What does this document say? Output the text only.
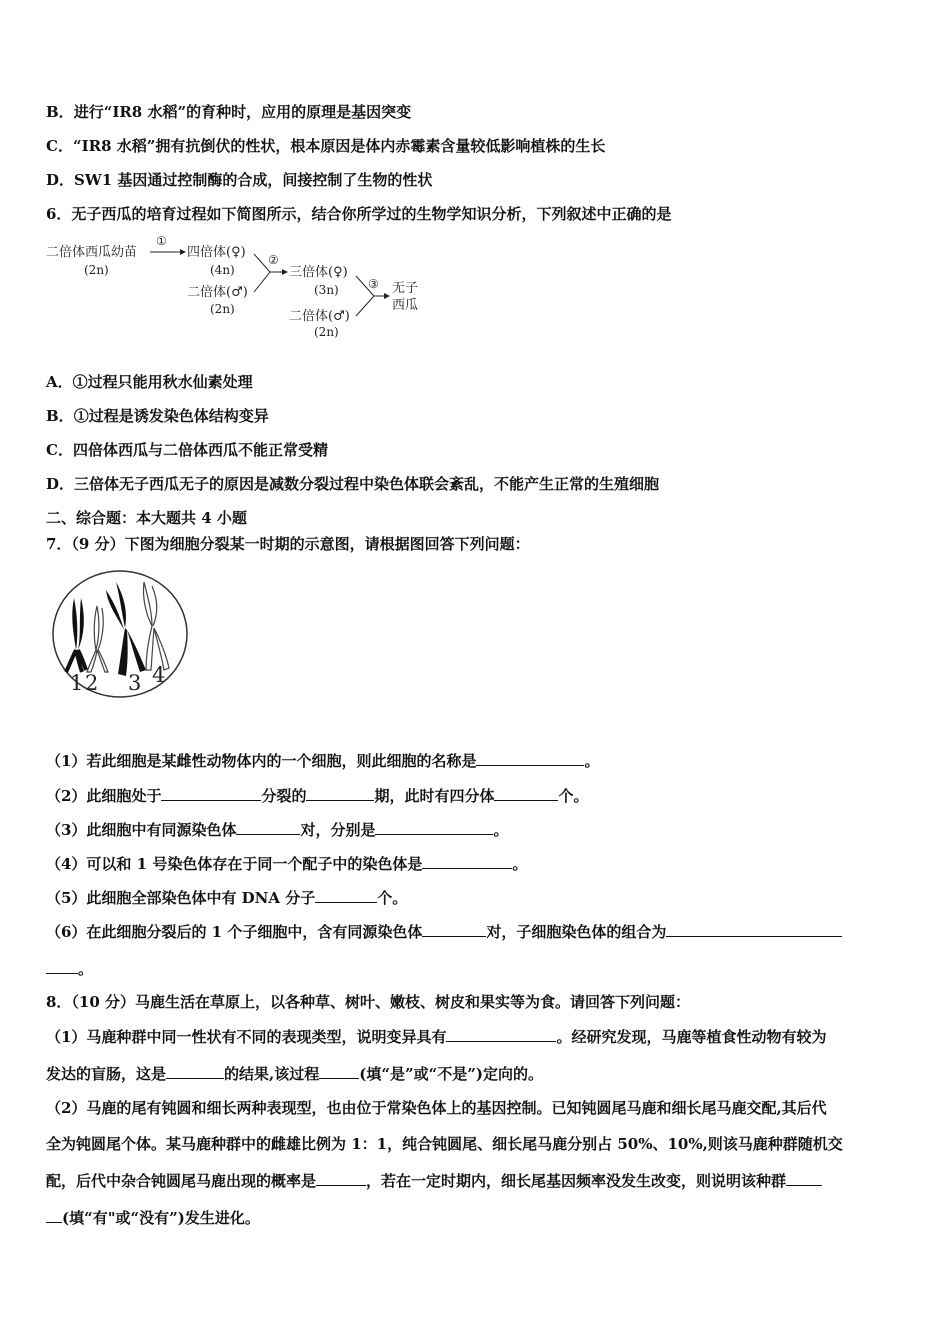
B．进行“IR8 水稻”的育种时，应用的原理是基因突变
C．“IR8 水稻”拥有抗倒伏的性状，根本原因是体内赤霉素含量较低影响植株的生长
D．SW1 基因通过控制酶的合成，间接控制了生物的性状
6．无子西瓜的培育过程如下简图所示，结合你所学过的生物学知识分析，下列叙述中正确的是
二倍体西瓜幼苗
(2n)
①
四倍体(♀)
(4n)
二倍体(♂)
(2n)
②
三倍体(♀)
(3n)
二倍体(♂)
(2n)
③ 无子
西瓜
A．①过程只能用秋水仙素处理
B．①过程是诱发染色体结构变异
C．四倍体西瓜与二倍体西瓜不能正常受精
D．三倍体无子西瓜无子的原因是减数分裂过程中染色体联会紊乱，不能产生正常的生殖细胞
二、综合题：本大题共 4 小题
7．（9 分）下图为细胞分裂某一时期的示意图，请根据图回答下列问题：
1 2 3 4
（1）若此细胞是某雌性动物体内的一个细胞，则此细胞的名称是	。
（2）此细胞处于	分裂的	期，此时有四分体	个。
（3）此细胞中有同源染色体	对，分别是	。
（4）可以和 1 号染色体存在于同一个配子中的染色体是	。
（5）此细胞全部染色体中有 DNA 分子	个。
（6）在此细胞分裂后的 1 个子细胞中，含有同源染色体	对，子细胞染色体的组合为
。
8．（10 分）马鹿生活在草原上，以各种草、树叶、嫩枝、树皮和果实等为食。请回答下列问题：
（1）马鹿种群中同一性状有不同的表现类型，说明变异具有	。经研究发现，马鹿等植食性动物有较为
发达的盲肠，这是	的结果,该过程	(填“是”或“不是”)定向的。
（2）马鹿的尾有钝圆和细长两种表现型，也由位于常染色体上的基因控制。已知钝圆尾马鹿和细长尾马鹿交配,其后代
全为钝圆尾个体。某马鹿种群中的雌雄比例为 1：1，纯合钝圆尾、细长尾马鹿分别占 50%、10%,则该马鹿种群随机交
配，后代中杂合钝圆尾马鹿出现的概率是	，若在一定时期内，细长尾基因频率没发生改变，则说明该种群
(填“有"或“没有”)发生进化。
